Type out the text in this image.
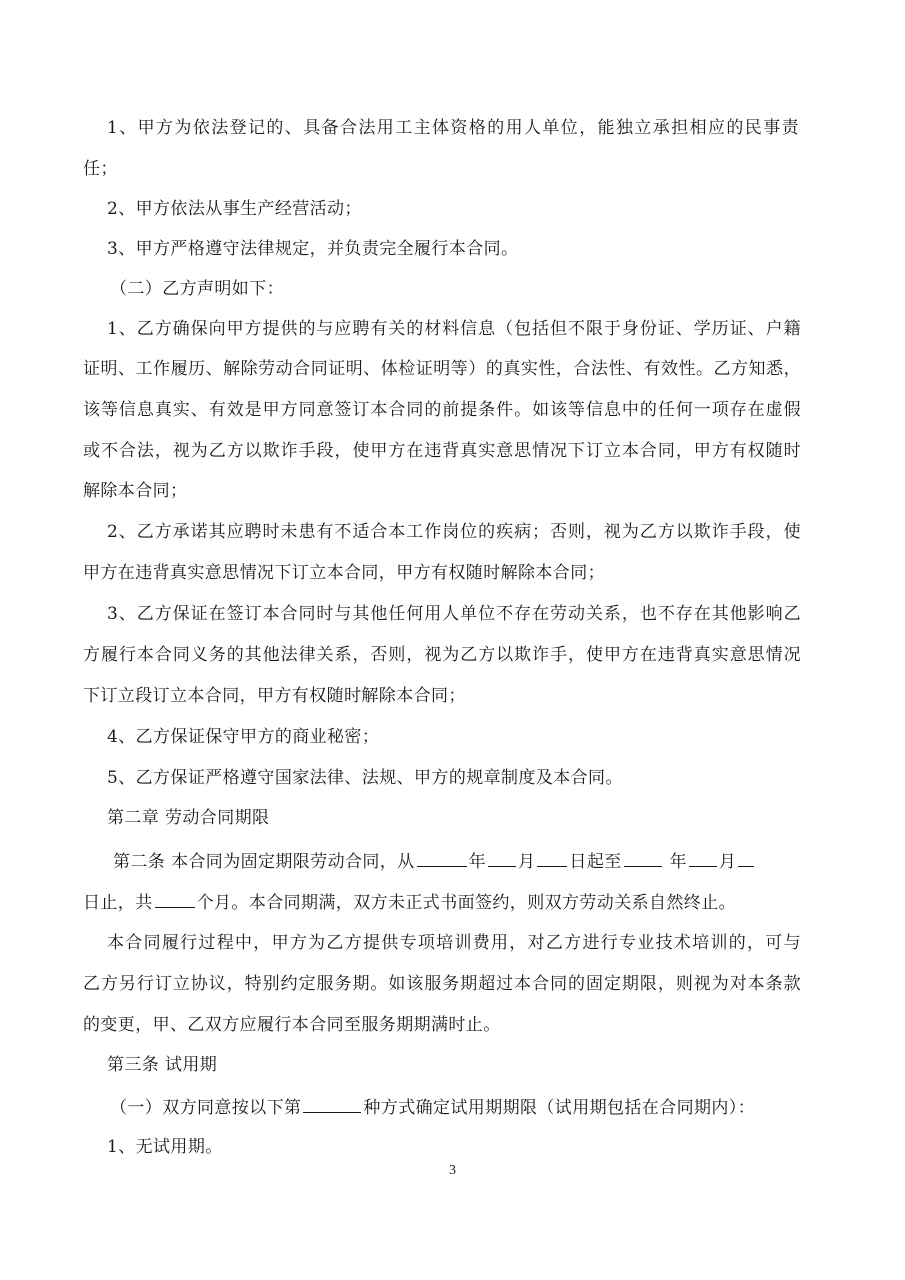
1、甲方为依法登记的、具备合法用工主体资格的用人单位，能独立承担相应的民事责
任；
2、甲方依法从事生产经营活动；
3、甲方严格遵守法律规定，并负责完全履行本合同。
（二）乙方声明如下：
1、乙方确保向甲方提供的与应聘有关的材料信息（包括但不限于身份证、学历证、户籍
证明、工作履历、解除劳动合同证明、体检证明等）的真实性，合法性、有效性。乙方知悉，
该等信息真实、有效是甲方同意签订本合同的前提条件。如该等信息中的任何一项存在虚假
或不合法，视为乙方以欺诈手段，使甲方在违背真实意思情况下订立本合同，甲方有权随时
解除本合同；
2、乙方承诺其应聘时未患有不适合本工作岗位的疾病；否则，视为乙方以欺诈手段，使
甲方在违背真实意思情况下订立本合同，甲方有权随时解除本合同；
3、乙方保证在签订本合同时与其他任何用人单位不存在劳动关系，也不存在其他影响乙
方履行本合同义务的其他法律关系，否则，视为乙方以欺诈手，使甲方在违背真实意思情况
下订立段订立本合同，甲方有权随时解除本合同；
4、乙方保证保守甲方的商业秘密；
5、乙方保证严格遵守国家法律、法规、甲方的规章制度及本合同。
第二章 劳动合同期限
第二条 本合同为固定期限劳动合同，从	年 月 日起至	年 月
日止，共	个月。本合同期满，双方未正式书面签约，则双方劳动关系自然终止。
本合同履行过程中，甲方为乙方提供专项培训费用，对乙方进行专业技术培训的，可与
乙方另行订立协议，特别约定服务期。如该服务期超过本合同的固定期限，则视为对本条款
的变更，甲、乙双方应履行本合同至服务期期满时止。
第三条 试用期
（一）双方同意按以下第	种方式确定试用期期限（试用期包括在合同期内）：
1、无试用期。
3
